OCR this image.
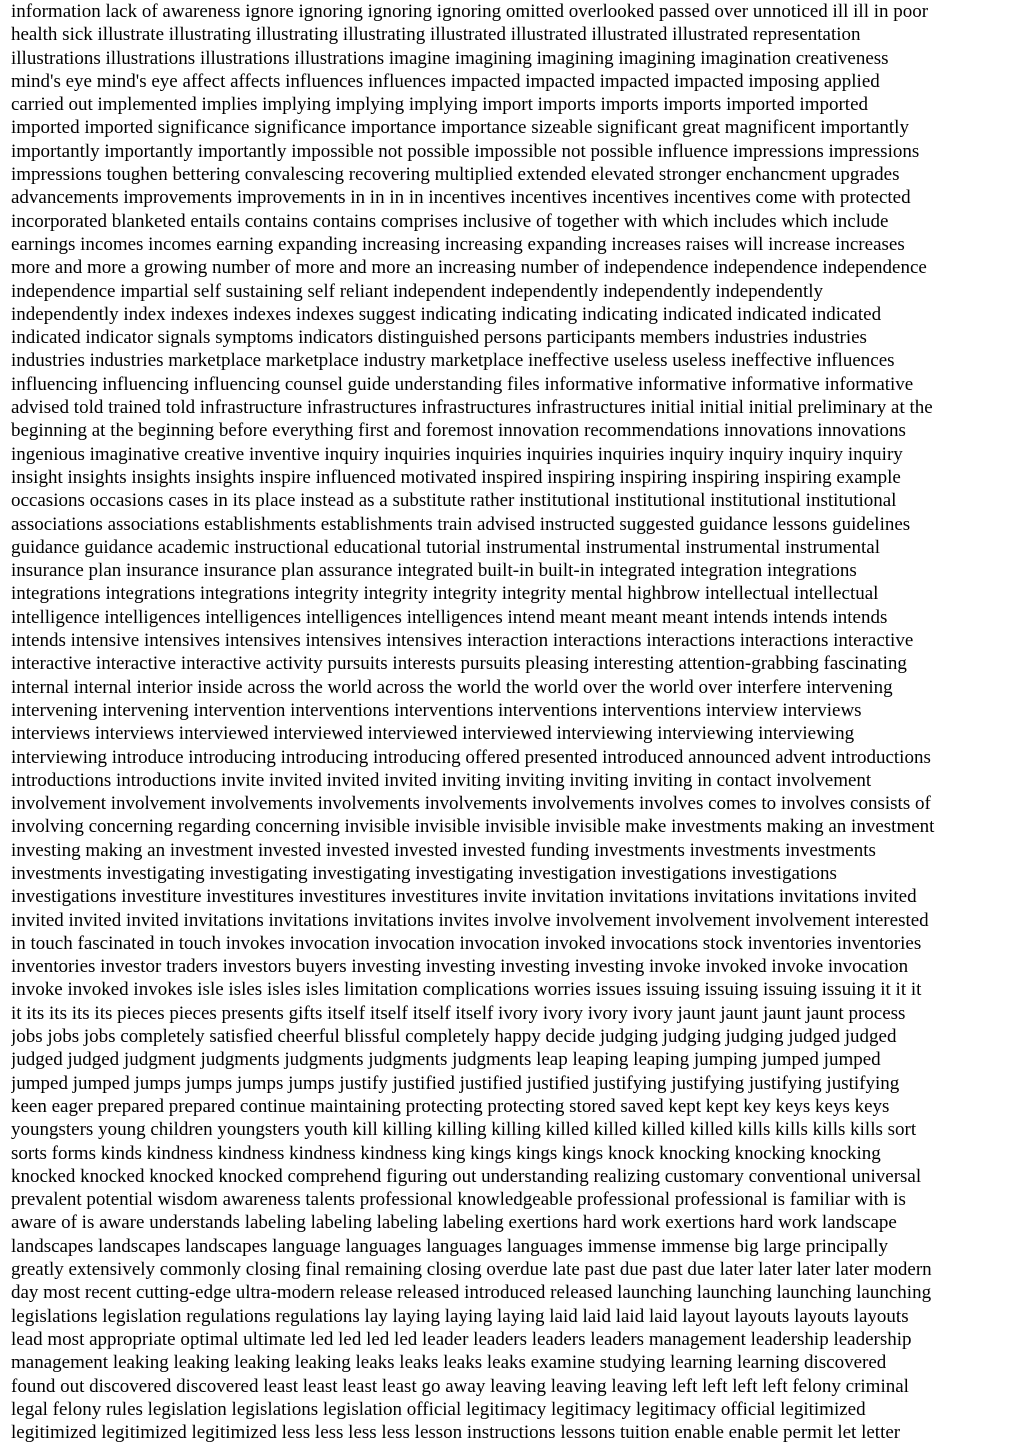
information lack of awareness ignore ignoring ignoring ignoring omitted overlooked passed over unnoticed ill ill in poor
health sick illustrate illustrating illustrating illustrating illustrated illustrated illustrated illustrated representation
illustrations illustrations illustrations illustrations imagine imagining imagining imagining imagination creativeness
mind's eye mind's eye affect affects influences influences impacted impacted impacted impacted imposing applied
carried out implemented implies implying implying implying import imports imports imports imported imported
imported imported significance significance importance importance sizeable significant great magnificent importantly
importantly importantly importantly impossible not possible impossible not possible influence impressions impressions
impressions toughen bettering convalescing recovering multiplied extended elevated stronger enchancment upgrades
advancements improvements improvements in in in in incentives incentives incentives incentives come with protected
incorporated blanketed entails contains contains comprises inclusive of together with which includes which include
earnings incomes incomes earning expanding increasing increasing expanding increases raises will increase increases
more and more a growing number of more and more an increasing number of independence independence independence
independence impartial self sustaining self reliant independent independently independently independently
independently index indexes indexes indexes suggest indicating indicating indicating indicated indicated indicated
indicated indicator signals symptoms indicators distinguished persons participants members industries industries
industries industries marketplace marketplace industry marketplace ineffective useless useless ineffective influences
influencing influencing influencing counsel guide understanding files informative informative informative informative
advised told trained told infrastructure infrastructures infrastructures infrastructures initial initial initial preliminary at the
beginning at the beginning before everything first and foremost innovation recommendations innovations innovations
ingenious imaginative creative inventive inquiry inquiries inquiries inquiries inquiries inquiry inquiry inquiry inquiry
insight insights insights insights inspire influenced motivated inspired inspiring inspiring inspiring inspiring example
occasions occasions cases in its place instead as a substitute rather institutional institutional institutional institutional
associations associations establishments establishments train advised instructed suggested guidance lessons guidelines
guidance guidance academic instructional educational tutorial instrumental instrumental instrumental instrumental
insurance plan insurance insurance plan assurance integrated built-in built-in integrated integration integrations
integrations integrations integrations integrity integrity integrity integrity mental highbrow intellectual intellectual
intelligence intelligences intelligences intelligences intelligences intend meant meant meant intends intends intends
intends intensive intensives intensives intensives intensives interaction interactions interactions interactions interactive
interactive interactive interactive activity pursuits interests pursuits pleasing interesting attention-grabbing fascinating
internal internal interior inside across the world across the world the world over the world over interfere intervening
intervening intervening intervention interventions interventions interventions interventions interview interviews
interviews interviews interviewed interviewed interviewed interviewed interviewing interviewing interviewing
interviewing introduce introducing introducing introducing offered presented introduced announced advent introductions
introductions introductions invite invited invited invited inviting inviting inviting inviting in contact involvement
involvement involvement involvements involvements involvements involvements involves comes to involves consists of
involving concerning regarding concerning invisible invisible invisible invisible make investments making an investment
investing making an investment invested invested invested invested funding investments investments investments
investments investigating investigating investigating investigating investigation investigations investigations
investigations investiture investitures investitures investitures invite invitation invitations invitations invitations invited
invited invited invited invitations invitations invitations invites involve involvement involvement involvement interested
in touch fascinated in touch invokes invocation invocation invocation invoked invocations stock inventories inventories
inventories investor traders investors buyers investing investing investing investing invoke invoked invoke invocation
invoke invoked invokes isle isles isles isles limitation complications worries issues issuing issuing issuing issuing it it it
it its its its its pieces pieces presents gifts itself itself itself itself ivory ivory ivory ivory jaunt jaunt jaunt jaunt process
jobs jobs jobs completely satisfied cheerful blissful completely happy decide judging judging judging judged judged
judged judged judgment judgments judgments judgments judgments leap leaping leaping jumping jumped jumped
jumped jumped jumps jumps jumps jumps justify justified justified justified justifying justifying justifying justifying
keen eager prepared prepared continue maintaining protecting protecting stored saved kept kept key keys keys keys
youngsters young children youngsters youth kill killing killing killing killed killed killed killed kills kills kills kills sort
sorts forms kinds kindness kindness kindness kindness king kings kings kings knock knocking knocking knocking
knocked knocked knocked knocked comprehend figuring out understanding realizing customary conventional universal
prevalent potential wisdom awareness talents professional knowledgeable professional professional is familiar with is
aware of is aware understands labeling labeling labeling labeling exertions hard work exertions hard work landscape
landscapes landscapes landscapes language languages languages languages immense immense big large principally
greatly extensively commonly closing final remaining closing overdue late past due past due later later later later modern
day most recent cutting-edge ultra-modern release released introduced released launching launching launching launching
legislations legislation regulations regulations lay laying laying laying laid laid laid laid layout layouts layouts layouts
lead most appropriate optimal ultimate led led led led leader leaders leaders leaders management leadership leadership
management leaking leaking leaking leaking leaks leaks leaks leaks examine studying learning learning discovered
found out discovered discovered least least least least go away leaving leaving leaving left left left left felony criminal
legal felony rules legislation legislations legislation official legitimacy legitimacy legitimacy official legitimized
legitimized legitimized legitimized less less less less lesson instructions lessons tuition enable enable permit let letter
